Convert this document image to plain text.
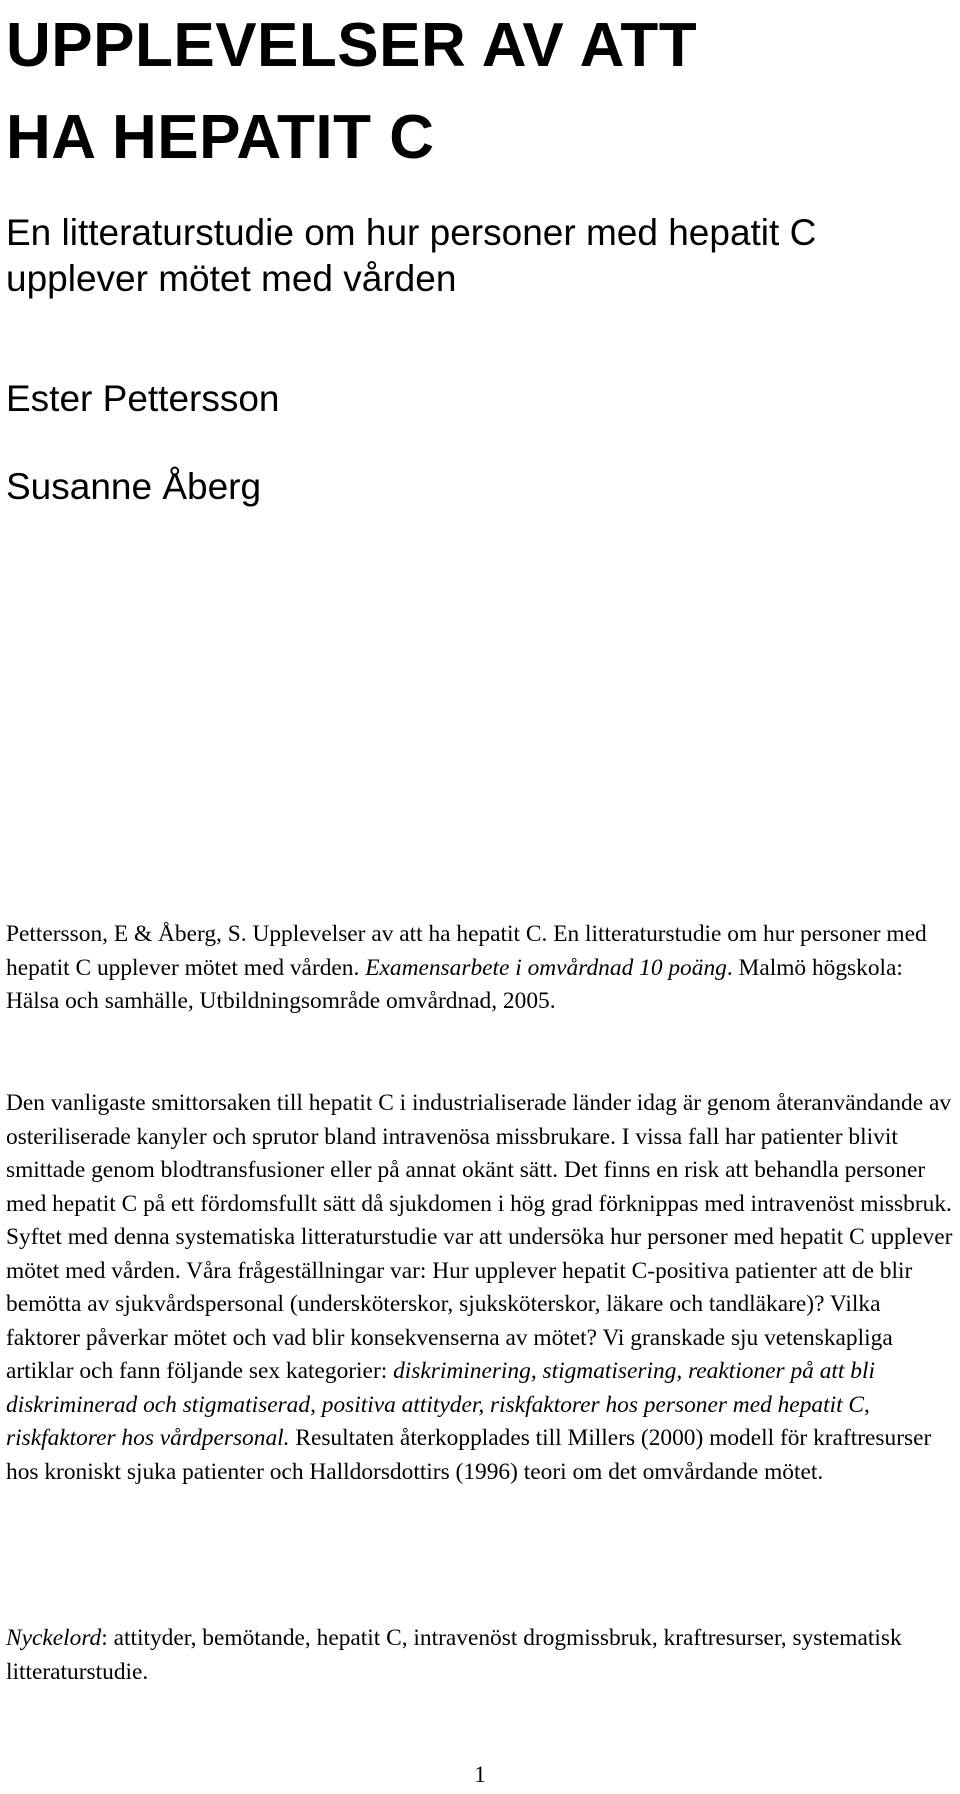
UPPLEVELSER AV ATT
HA HEPATIT C

En litteraturstudie om hur personer med hepatit C upplever mötet med vården

Ester Pettersson

Susanne Åberg

Pettersson, E & Åberg, S. Upplevelser av att ha hepatit C. En litteraturstudie om hur personer med hepatit C upplever mötet med vården. Examensarbete i omvårdnad 10 poäng. Malmö högskola: Hälsa och samhälle, Utbildningsområde omvårdnad, 2005.

Den vanligaste smittorsaken till hepatit C i industrialiserade länder idag är genom återanvändande av osteriliserade kanyler och sprutor bland intravenösa missbrukare. I vissa fall har patienter blivit smittade genom blodtransfusioner eller på annat okänt sätt. Det finns en risk att behandla personer med hepatit C på ett fördomsfullt sätt då sjukdomen i hög grad förknippas med intravenöst missbruk. Syftet med denna systematiska litteraturstudie var att undersöka hur personer med hepatit C upplever mötet med vården. Våra frågeställningar var: Hur upplever hepatit C-positiva patienter att de blir bemötta av sjukvårdspersonal (undersköterskor, sjuksköterskor, läkare och tandläkare)? Vilka faktorer påverkar mötet och vad blir konsekvenserna av mötet? Vi granskade sju vetenskapliga artiklar och fann följande sex kategorier: diskriminering, stigmatisering, reaktioner på att bli diskriminerad och stigmatiserad, positiva attityder, riskfaktorer hos personer med hepatit C, riskfaktorer hos vårdpersonal. Resultaten återkopplades till Millers (2000) modell för kraftresurser hos kroniskt sjuka patienter och Halldorsdottirs (1996) teori om det omvårdande mötet.

Nyckelord: attityder, bemötande, hepatit C, intravenöst drogmissbruk, kraftresurser, systematisk litteraturstudie.

1
